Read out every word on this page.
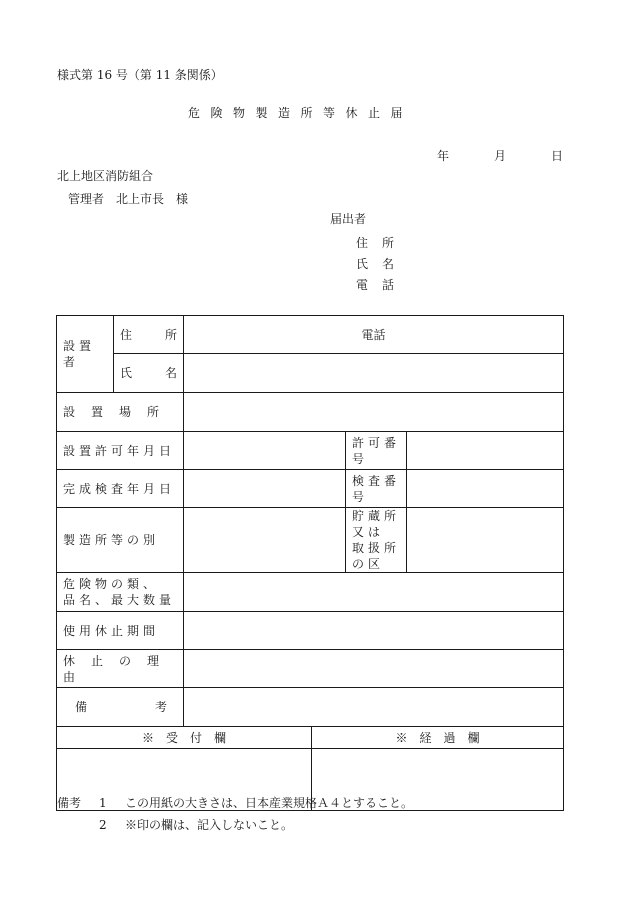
様式第 16 号（第 11 条関係）
危険物製造所等休止届
年	月	日
北上地区消防組合
管理者　北上市長　様
届出者
住 所
氏 名
電 話
設置者	住 所	電話			

	氏 名				

設置場所					
設置許可年月日				許可番号	
完成検査年月日				検査番号	
製造所等の別				貯蔵所又は
取扱所の区	

危険物の類、
品名、最大数量					

使用休止期間					
休止の理由					

備 考					

※　受　付　欄			※　経　過　欄		

備考	1	この用紙の大きさは、日本産業規格Ａ４とすること。
2	※印の欄は、記入しないこと。
